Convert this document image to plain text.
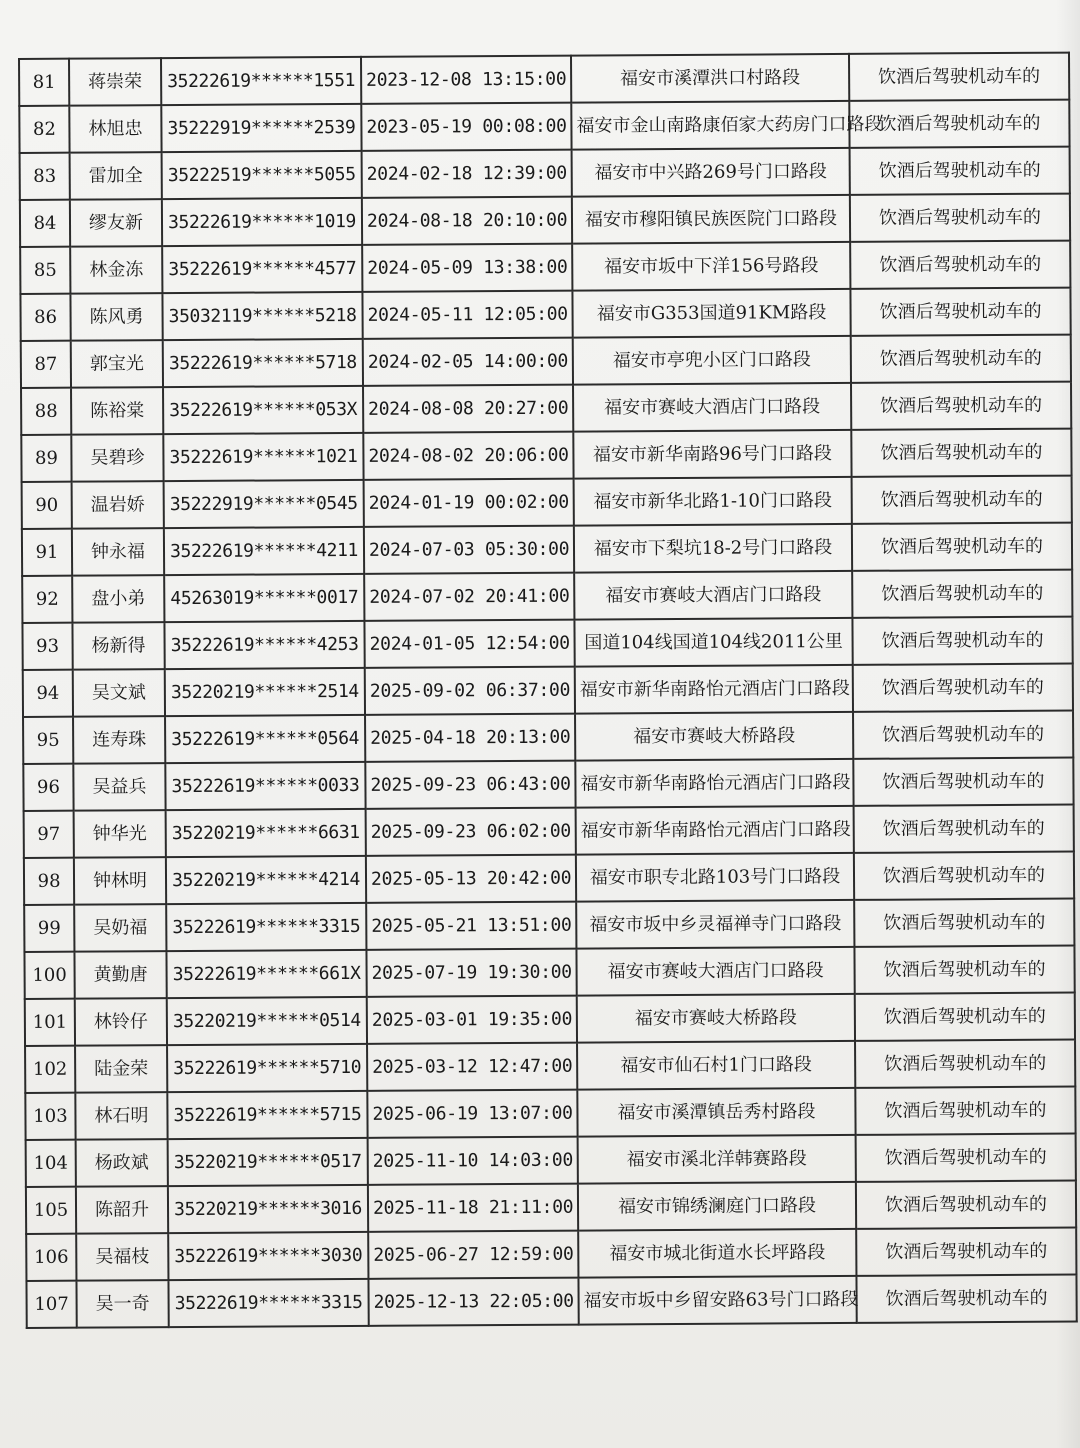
81	蒋崇荣	35222619******1551	2023-12-08 13:15:00	福安市溪潭洪口村路段	饮酒后驾驶机动车的
82	林旭忠	35222919******2539	2023-05-19 00:08:00	福安市金山南路康佰家大药房门口路段	饮酒后驾驶机动车的
83	雷加全	35222519******5055	2024-02-18 12:39:00	福安市中兴路269号门口路段	饮酒后驾驶机动车的
84	缪友新	35222619******1019	2024-08-18 20:10:00	福安市穆阳镇民族医院门口路段	饮酒后驾驶机动车的
85	林金冻	35222619******4577	2024-05-09 13:38:00	福安市坂中下洋156号路段	饮酒后驾驶机动车的
86	陈风勇	35032119******5218	2024-05-11 12:05:00	福安市G353国道91KM路段	饮酒后驾驶机动车的
87	郭宝光	35222619******5718	2024-02-05 14:00:00	福安市亭兜小区门口路段	饮酒后驾驶机动车的
88	陈裕棠	35222619******053X	2024-08-08 20:27:00	福安市赛岐大酒店门口路段	饮酒后驾驶机动车的
89	吴碧珍	35222619******1021	2024-08-02 20:06:00	福安市新华南路96号门口路段	饮酒后驾驶机动车的
90	温岩娇	35222919******0545	2024-01-19 00:02:00	福安市新华北路1-10门口路段	饮酒后驾驶机动车的
91	钟永福	35222619******4211	2024-07-03 05:30:00	福安市下梨坑18-2号门口路段	饮酒后驾驶机动车的
92	盘小弟	45263019******0017	2024-07-02 20:41:00	福安市赛岐大酒店门口路段	饮酒后驾驶机动车的
93	杨新得	35222619******4253	2024-01-05 12:54:00	国道104线国道104线2011公里	饮酒后驾驶机动车的
94	吴文斌	35220219******2514	2025-09-02 06:37:00	福安市新华南路怡元酒店门口路段	饮酒后驾驶机动车的
95	连寿珠	35222619******0564	2025-04-18 20:13:00	福安市赛岐大桥路段	饮酒后驾驶机动车的
96	吴益兵	35222619******0033	2025-09-23 06:43:00	福安市新华南路怡元酒店门口路段	饮酒后驾驶机动车的
97	钟华光	35220219******6631	2025-09-23 06:02:00	福安市新华南路怡元酒店门口路段	饮酒后驾驶机动车的
98	钟林明	35220219******4214	2025-05-13 20:42:00	福安市职专北路103号门口路段	饮酒后驾驶机动车的
99	吴奶福	35222619******3315	2025-05-21 13:51:00	福安市坂中乡灵福禅寺门口路段	饮酒后驾驶机动车的
100	黄勤唐	35222619******661X	2025-07-19 19:30:00	福安市赛岐大酒店门口路段	饮酒后驾驶机动车的
101	林铃仔	35220219******0514	2025-03-01 19:35:00	福安市赛岐大桥路段	饮酒后驾驶机动车的
102	陆金荣	35222619******5710	2025-03-12 12:47:00	福安市仙石村1门口路段	饮酒后驾驶机动车的
103	林石明	35222619******5715	2025-06-19 13:07:00	福安市溪潭镇岳秀村路段	饮酒后驾驶机动车的
104	杨政斌	35220219******0517	2025-11-10 14:03:00	福安市溪北洋韩赛路段	饮酒后驾驶机动车的
105	陈韶升	35220219******3016	2025-11-18 21:11:00	福安市锦绣澜庭门口路段	饮酒后驾驶机动车的
106	吴福枝	35222619******3030	2025-06-27 12:59:00	福安市城北街道水长坪路段	饮酒后驾驶机动车的
107	吴一奇	35222619******3315	2025-12-13 22:05:00	福安市坂中乡留安路63号门口路段	饮酒后驾驶机动车的
